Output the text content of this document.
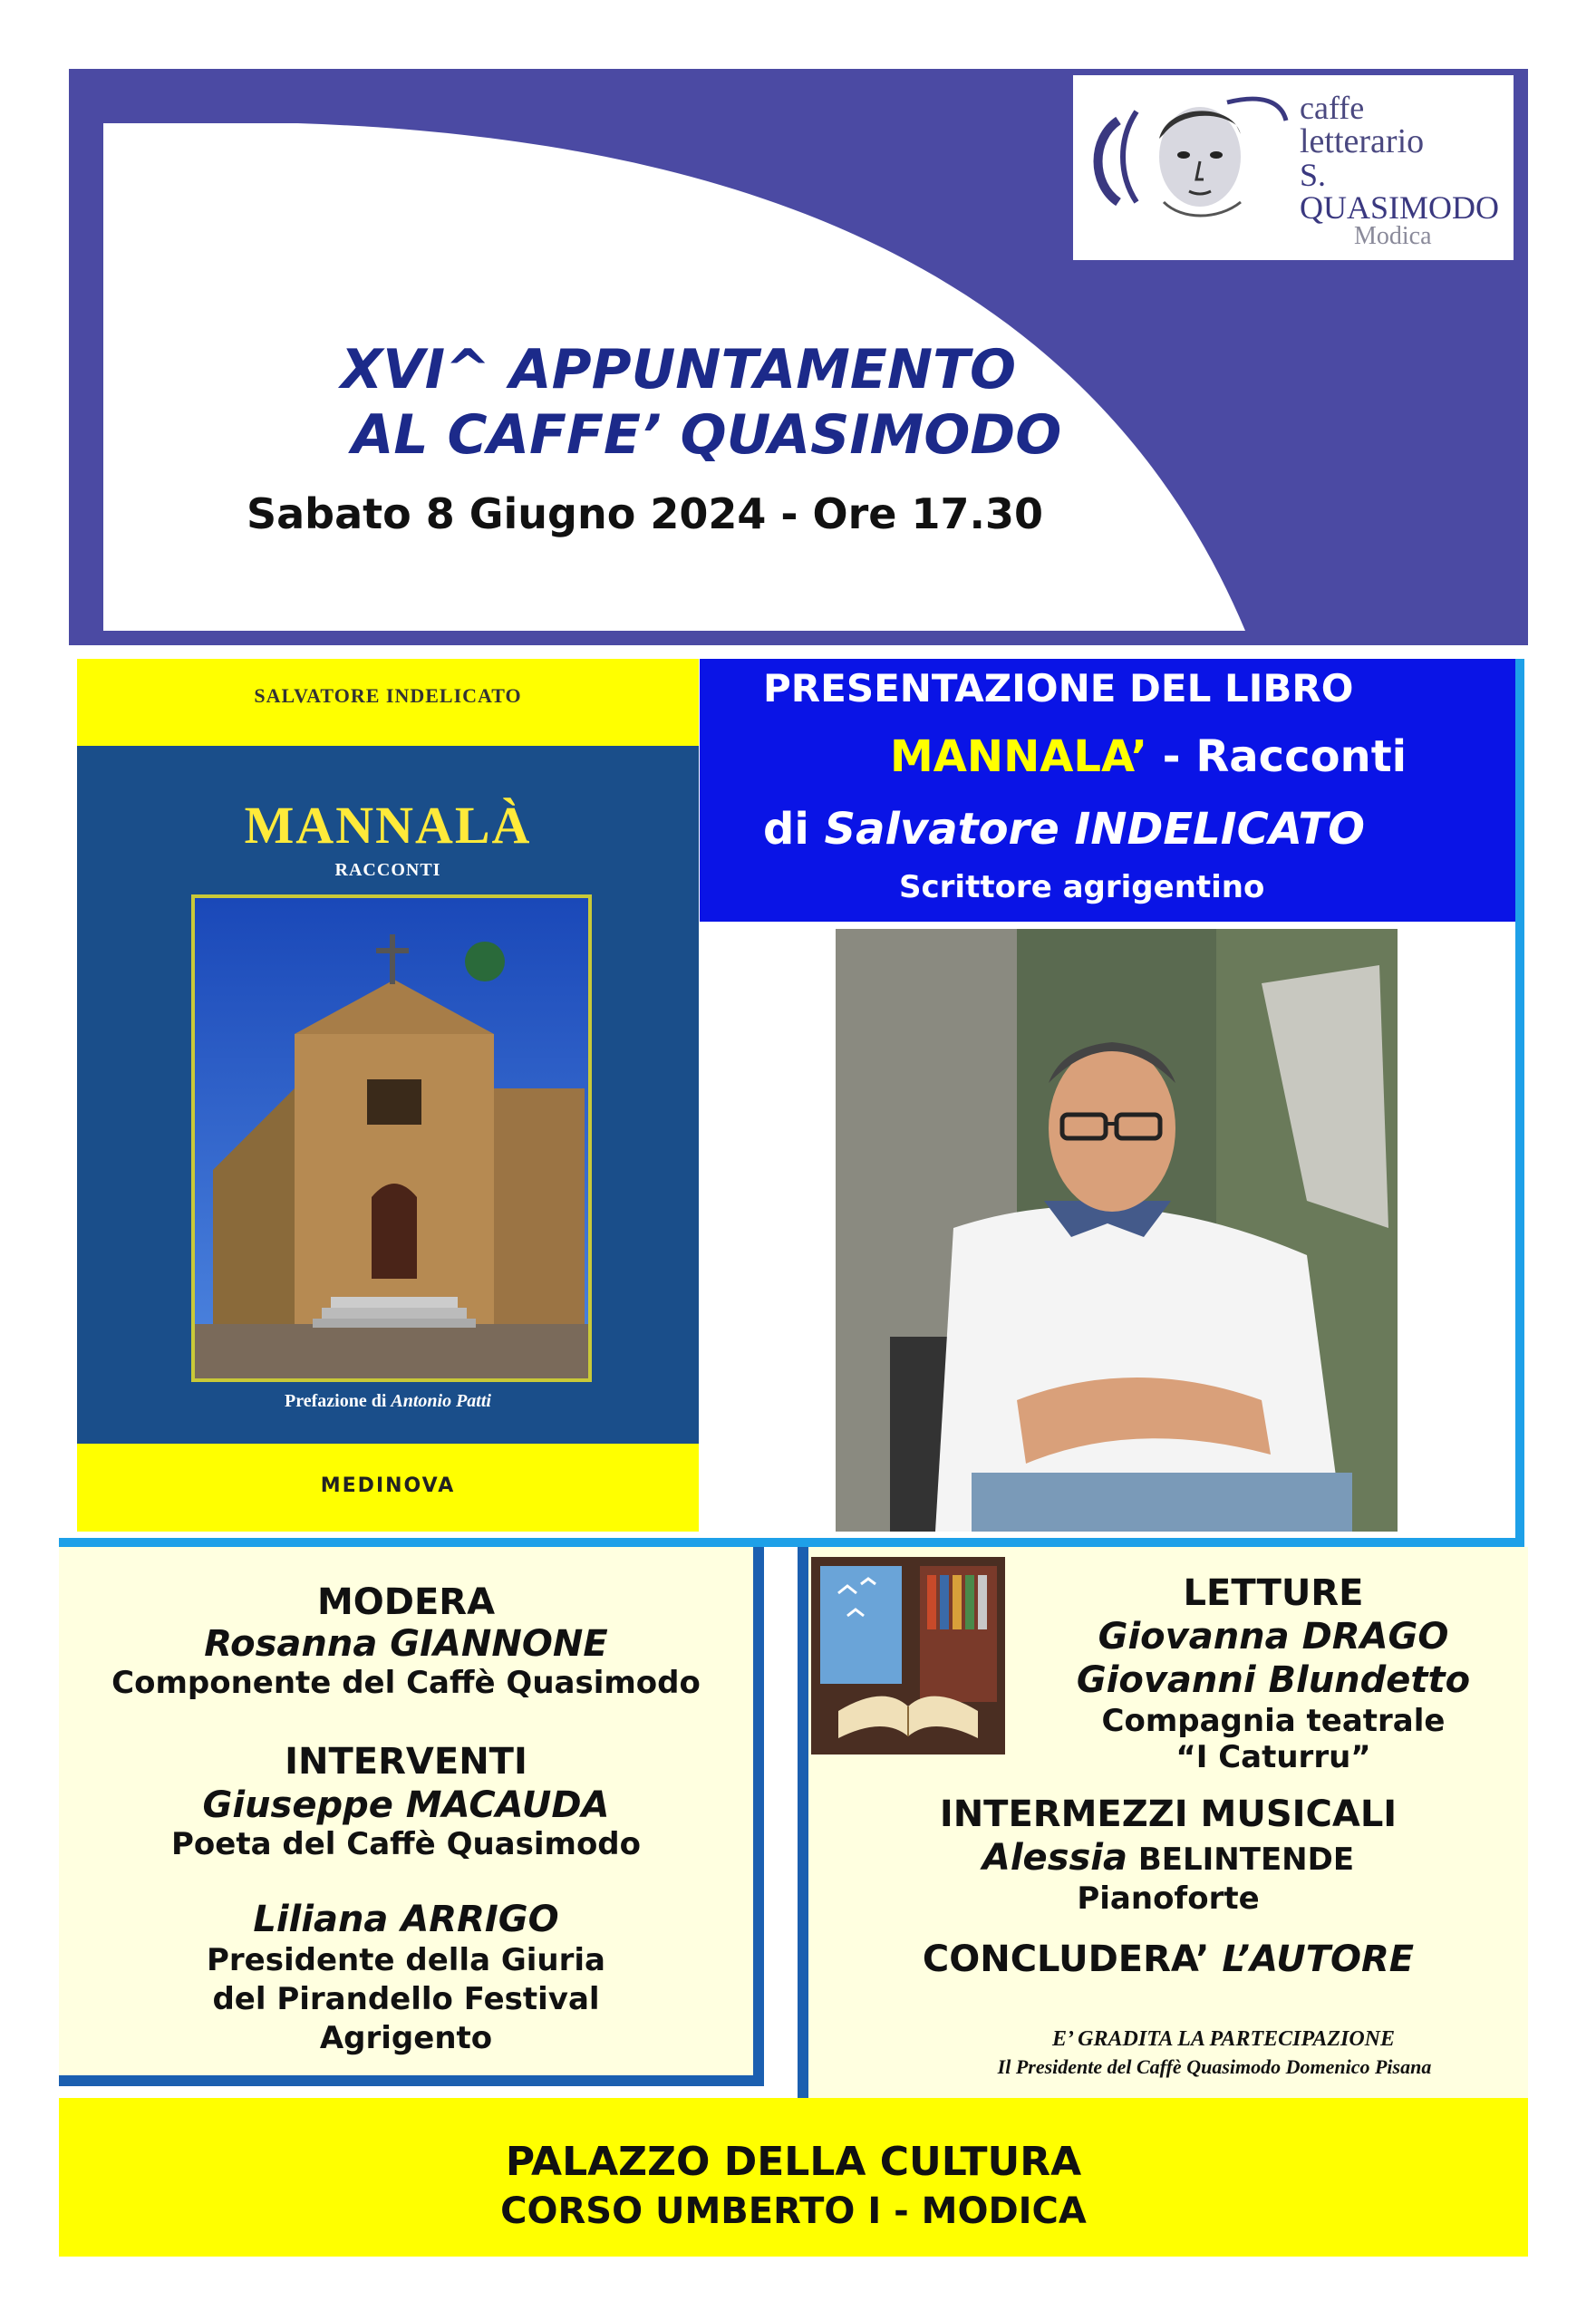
caffe
letterario
S. QUASIMODO
Modica
XVI^ APPUNTAMENTO
AL CAFFE’ QUASIMODO
Sabato 8 Giugno 2024 - Ore 17.30
SALVATORE INDELICATO
MANNALÀ
RACCONTI
Prefazione di Antonio Patti
MEDINOVA
PRESENTAZIONE DEL LIBRO
MANNALA’ - Racconti
di Salvatore INDELICATO
Scrittore agrigentino
MODERA
Rosanna GIANNONE
Componente del Caffè Quasimodo
INTERVENTI
Giuseppe MACAUDA
Poeta del Caffè Quasimodo
Liliana ARRIGO
Presidente della Giuria
del Pirandello Festival
Agrigento
LETTURE
Giovanna DRAGO
Giovanni Blundetto
Compagnia teatrale
“I Caturru”
INTERMEZZI MUSICALI
Alessia BELINTENDE
Pianoforte
CONCLUDERA’ L’AUTORE
E’ GRADITA LA PARTECIPAZIONE
Il Presidente del Caffè Quasimodo Domenico Pisana
PALAZZO DELLA CULTURA
CORSO UMBERTO I - MODICA
